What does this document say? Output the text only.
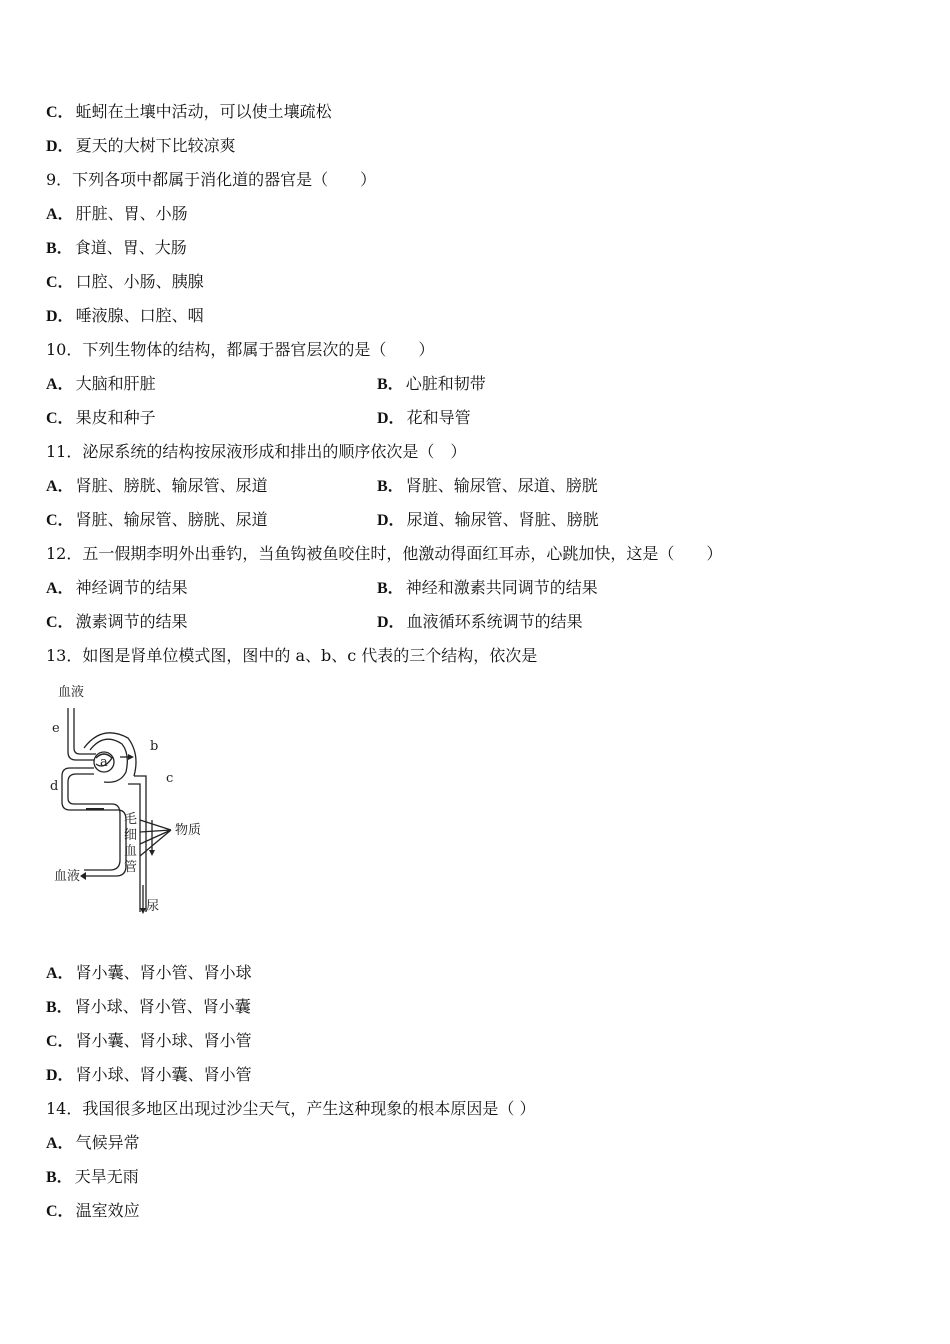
C． 蚯蚓在土壤中活动，可以使土壤疏松
D． 夏天的大树下比较凉爽
9．下列各项中都属于消化道的器官是（　　）
A． 肝脏、胃、小肠
B． 食道、胃、大肠
C． 口腔、小肠、胰腺
D． 唾液腺、口腔、咽
10．下列生物体的结构，都属于器官层次的是（　　）
A． 大脑和肝脏	B． 心脏和韧带
C． 果皮和种子	D． 花和导管
11．泌尿系统的结构按尿液形成和排出的顺序依次是（　）
A． 肾脏、膀胱、输尿管、尿道	B． 肾脏、输尿管、尿道、膀胱
C． 肾脏、输尿管、膀胱、尿道	D． 尿道、输尿管、肾脏、膀胱
12．五一假期李明外出垂钓，当鱼钩被鱼咬住时，他激动得面红耳赤，心跳加快，这是（　　）
A． 神经调节的结果	B． 神经和激素共同调节的结果
C． 激素调节的结果	D． 血液循环系统调节的结果
13．如图是肾单位模式图，图中的 a、b、c 代表的三个结构，依次是
血液
e
b
a
c
d
物质
毛
细
血
管
血液
尿
A． 肾小囊、肾小管、肾小球
B． 肾小球、肾小管、肾小囊
C． 肾小囊、肾小球、肾小管
D． 肾小球、肾小囊、肾小管
14．我国很多地区出现过沙尘天气，产生这种现象的根本原因是（ ）
A． 气候异常
B． 天旱无雨
C． 温室效应
